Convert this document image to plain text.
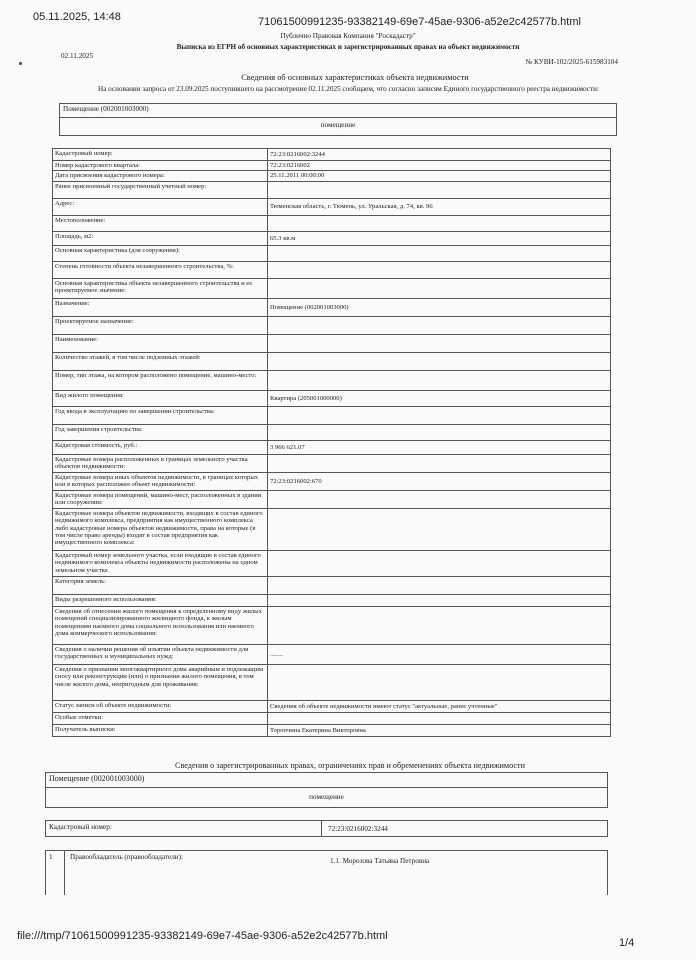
05.11.2025, 14:48	71061500991235-93382149-69e7-45ae-9306-a52e2c42577b.html
Публично Правовая Компания "Роскадастр"
Выписка из ЕГРН об основных характеристиках и зарегистрированных правах на объект недвижимости
02.11.2025
№ КУВИ-102/2025-615983104
Сведения об основных характеристиках объекта недвижимости
На основании запроса от 23.09.2025 поступившего на рассмотрение 02.11.2025 сообщаем, что согласно записям Единого государственного реестра недвижимости:
Помещение (002001003000)
помещение
Кадастровый номер:	72:23:0216002:3244
Номер кадастрового квартала:	72:23:0216002
Дата присвоения кадастрового номера:	25.11.2011 00:00:00
Ранее присвоенный государственный учетный номер:	
Адрес:	Тюменская область, г. Тюмень, ул. Уральская, д. 74, кв. 96
Местоположение:	
Площадь, м2:	65.3 кв.м
Основная характеристика (для сооружения):	
Степень готовности объекта незавершенного строительства, %:	
Основная характеристика объекта незавершенного строительства и ее проектируемое значение:	
Назначение:	Помещение (002001003000)
Проектируемое назначение:	
Наименование:	
Количество этажей, в том числе подземных этажей:	
Номер, тип этажа, на котором расположено помещение, машино-место:	
Вид жилого помещения:	Квартира (205001000000)
Год ввода в эксплуатацию по завершении строительства:	
Год завершения строительства:	
Кадастровая стоимость, руб.:	3 966 621.07
Кадастровые номера расположенных в границах земельного участка объектов недвижимости:	
Кадастровые номера иных объектов недвижимости, в границах которых или в которых расположен объект недвижимости:	72:23:0216002:670
Кадастровые номера помещений, машино-мест, расположенных в здании или сооружении:	
Кадастровые номера объектов недвижимости, входящих в состав единого недвижимого комплекса, предприятия как имущественного комплекса либо кадастровые номера объектов недвижимости, права на которые (в том числе право аренды) входят в состав предприятия как имущественного комплекса:	
Кадастровый номер земельного участка, если входящие в состав единого недвижимого комплекса объекты недвижимости расположены на одном земельном участке	
Категория земель:	
Виды разрешенного использования:	
Сведения об отнесении жилого помещения к определенному виду жилых помещений специализированного жилищного фонда, к жилым помещениям наемного дома социального использования или наемного дома коммерческого использования:	
Сведения о наличии решения об изъятии объекта недвижимости для государственных и муниципальных нужд:	........
Сведения о признании многоквартирного дома аварийным и подлежащим сносу или реконструкции (или) о признании жилого помещения, в том числе жилого дома, непригодным для проживания:	
Статус записи об объекте недвижимости:	Сведения об объекте недвижимости имеют статус "актуальные, ранее учтенные"
Особые отметки:	
Получатель выписки:	Торопчина Екатерина Викторовна
Сведения о зарегистрированных правах, ограничениях прав и обременениях объекта недвижимости
Помещение (002001003000)
помещение
Кадастровый номер:	72:23:0216002:3244
1 Правообладатель (правообладатели):	1.1. Морозова Татьяна Петровна
file:///tmp/71061500991235-93382149-69e7-45ae-9306-a52e2c42577b.html
1/4
